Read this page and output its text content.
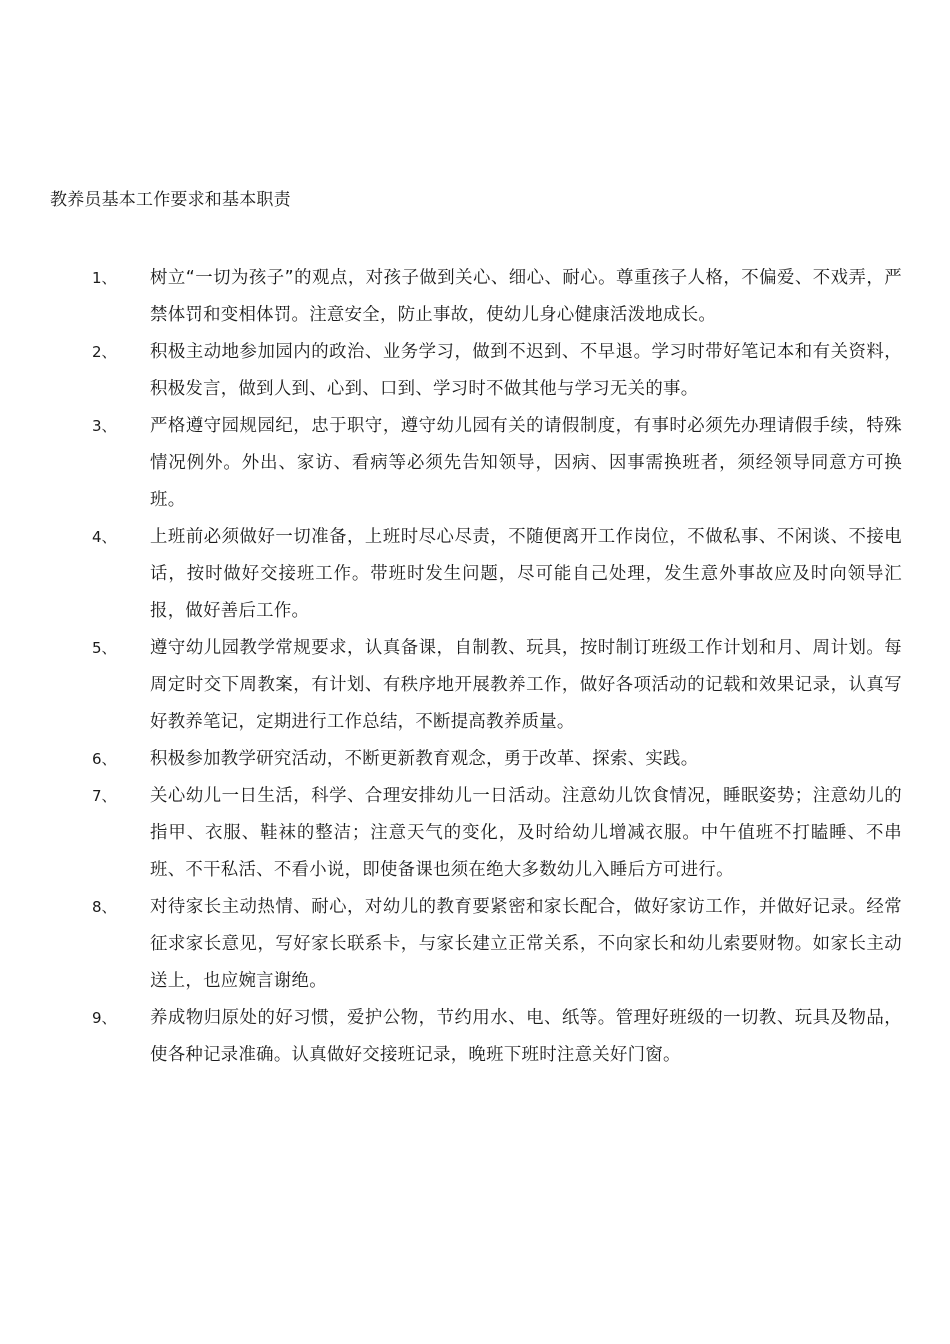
教养员基本工作要求和基本职责
1、	树立“一切为孩子”的观点，对孩子做到关心、细心、耐心。尊重孩子人格，不偏爱、不戏弄，严禁体罚和变相体罚。注意安全，防止事故，使幼儿身心健康活泼地成长。
2、	积极主动地参加园内的政治、业务学习，做到不迟到、不早退。学习时带好笔记本和有关资料，积极发言，做到人到、心到、口到、学习时不做其他与学习无关的事。
3、	严格遵守园规园纪，忠于职守，遵守幼儿园有关的请假制度，有事时必须先办理请假手续，特殊情况例外。外出、家访、看病等必须先告知领导，因病、因事需换班者，须经领导同意方可换班。
4、	上班前必须做好一切准备，上班时尽心尽责，不随便离开工作岗位，不做私事、不闲谈、不接电话，按时做好交接班工作。带班时发生问题，尽可能自己处理，发生意外事故应及时向领导汇报，做好善后工作。
5、	遵守幼儿园教学常规要求，认真备课，自制教、玩具，按时制订班级工作计划和月、周计划。每周定时交下周教案，有计划、有秩序地开展教养工作，做好各项活动的记载和效果记录，认真写好教养笔记，定期进行工作总结，不断提高教养质量。
6、	积极参加教学研究活动，不断更新教育观念，勇于改革、探索、实践。
7、	关心幼儿一日生活，科学、合理安排幼儿一日活动。注意幼儿饮食情况，睡眠姿势；注意幼儿的指甲、衣服、鞋袜的整洁；注意天气的变化，及时给幼儿增减衣服。中午值班不打瞌睡、不串班、不干私活、不看小说，即使备课也须在绝大多数幼儿入睡后方可进行。
8、	对待家长主动热情、耐心，对幼儿的教育要紧密和家长配合，做好家访工作，并做好记录。经常征求家长意见，写好家长联系卡，与家长建立正常关系，不向家长和幼儿索要财物。如家长主动送上，也应婉言谢绝。
9、	养成物归原处的好习惯，爱护公物，节约用水、电、纸等。管理好班级的一切教、玩具及物品，使各种记录准确。认真做好交接班记录，晚班下班时注意关好门窗。
